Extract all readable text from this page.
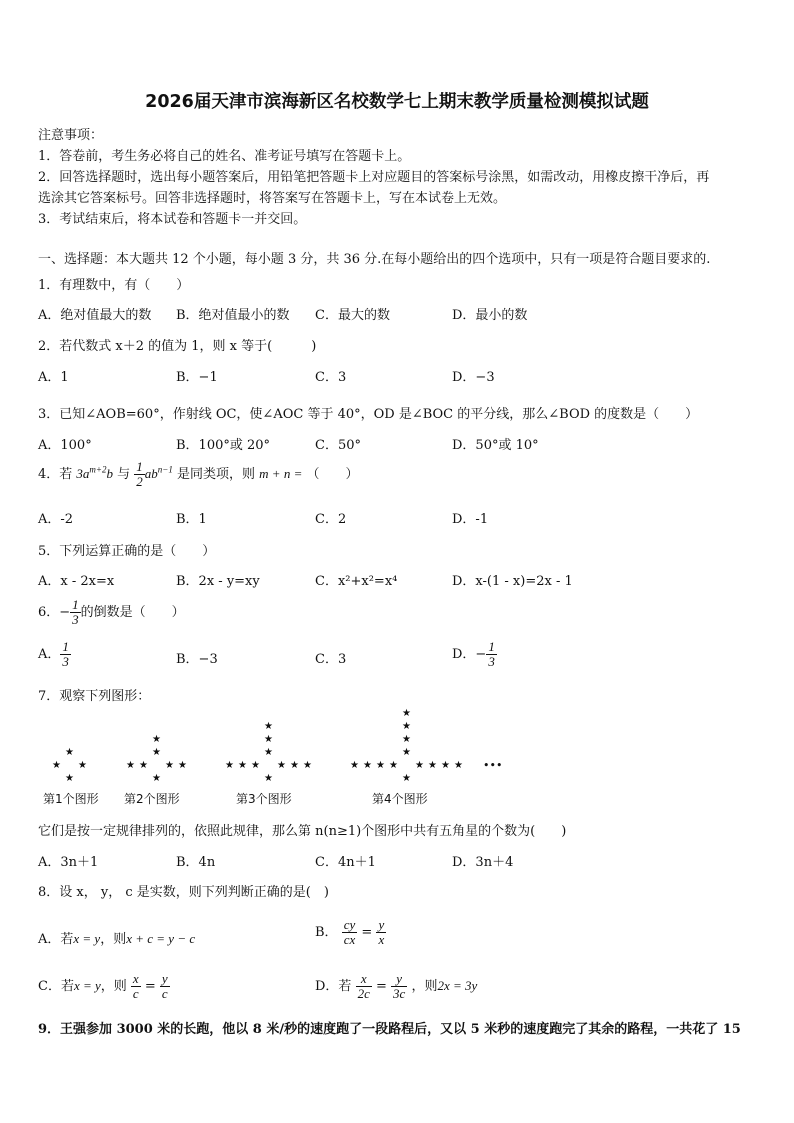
2026届天津市滨海新区名校数学七上期末教学质量检测模拟试题
注意事项：
1．答卷前，考生务必将自己的姓名、准考证号填写在答题卡上。
2．回答选择题时，选出每小题答案后，用铅笔把答题卡上对应题目的答案标号涂黑，如需改动，用橡皮擦干净后，再
选涂其它答案标号。回答非选择题时，将答案写在答题卡上，写在本试卷上无效。
3．考试结束后，将本试卷和答题卡一并交回。
一、选择题：本大题共 12 个小题，每小题 3 分，共 36 分.在每小题给出的四个选项中，只有一项是符合题目要求的.
1．有理数中，有（　　）
A．绝对值最大的数 B．绝对值最小的数 C．最大的数	D．最小的数
2．若代数式 x＋2 的值为 1，则 x 等于(　　　)
A．1	B．−1	C．3	D．−3
3．已知∠AOB=60°，作射线 OC，使∠AOC 等于 40°，OD 是∠BOC 的平分线，那么∠BOD 的度数是（　　）
A．100°	B．100°或 20°	C．50°	D．50°或 10°
4．若 $3a^{m+2}b$ 与 $\frac{1}{2} ab^{n-1}$ 是同类项，则 m + n = （　　）
A．-2	B．1	C．2	D．-1
5．下列运算正确的是（　　）
A．x - 2x=x	B．2x - y=xy	C．x²+x²=x⁴	D．x-(1 - x)=2x - 1
6．− $\frac{1}{3}$ 的倒数是（　　）
A． $\frac{1}{3}$	B．−3	C．3	D．− $\frac{1}{3}$
7．观察下列图形：
★
★ ★
★
★
★
★ ★
★	★
★
★
★
★
★ ★
★	★
★	★
★
★
★
★
★
★ ★
★	★
★	★
★	★
★
•••
第1个图形 第2个图形	第3个图形	第4个图形
它们是按一定规律排列的，依照此规律，那么第 n(n≥1)个图形中共有五角星的个数为(　　)
A．3n＋1	B．4n	C．4n＋1	D．3n＋4
8．设 x， y， c 是实数，则下列判断正确的是(　)
A．若x = y，则x + c = y − c	B． $\frac{cy}{cx} = \frac{y}{x}$
C．若x = y，则 $\frac{x}{c} = \frac{y}{c}$	D．若 $\frac{x}{2c} = \frac{y}{3c}$ ，则2x = 3y
9．王强参加 3000 米的长跑，他以 8 米/秒的速度跑了一段路程后，又以 5 米秒的速度跑完了其余的路程，一共花了 15
